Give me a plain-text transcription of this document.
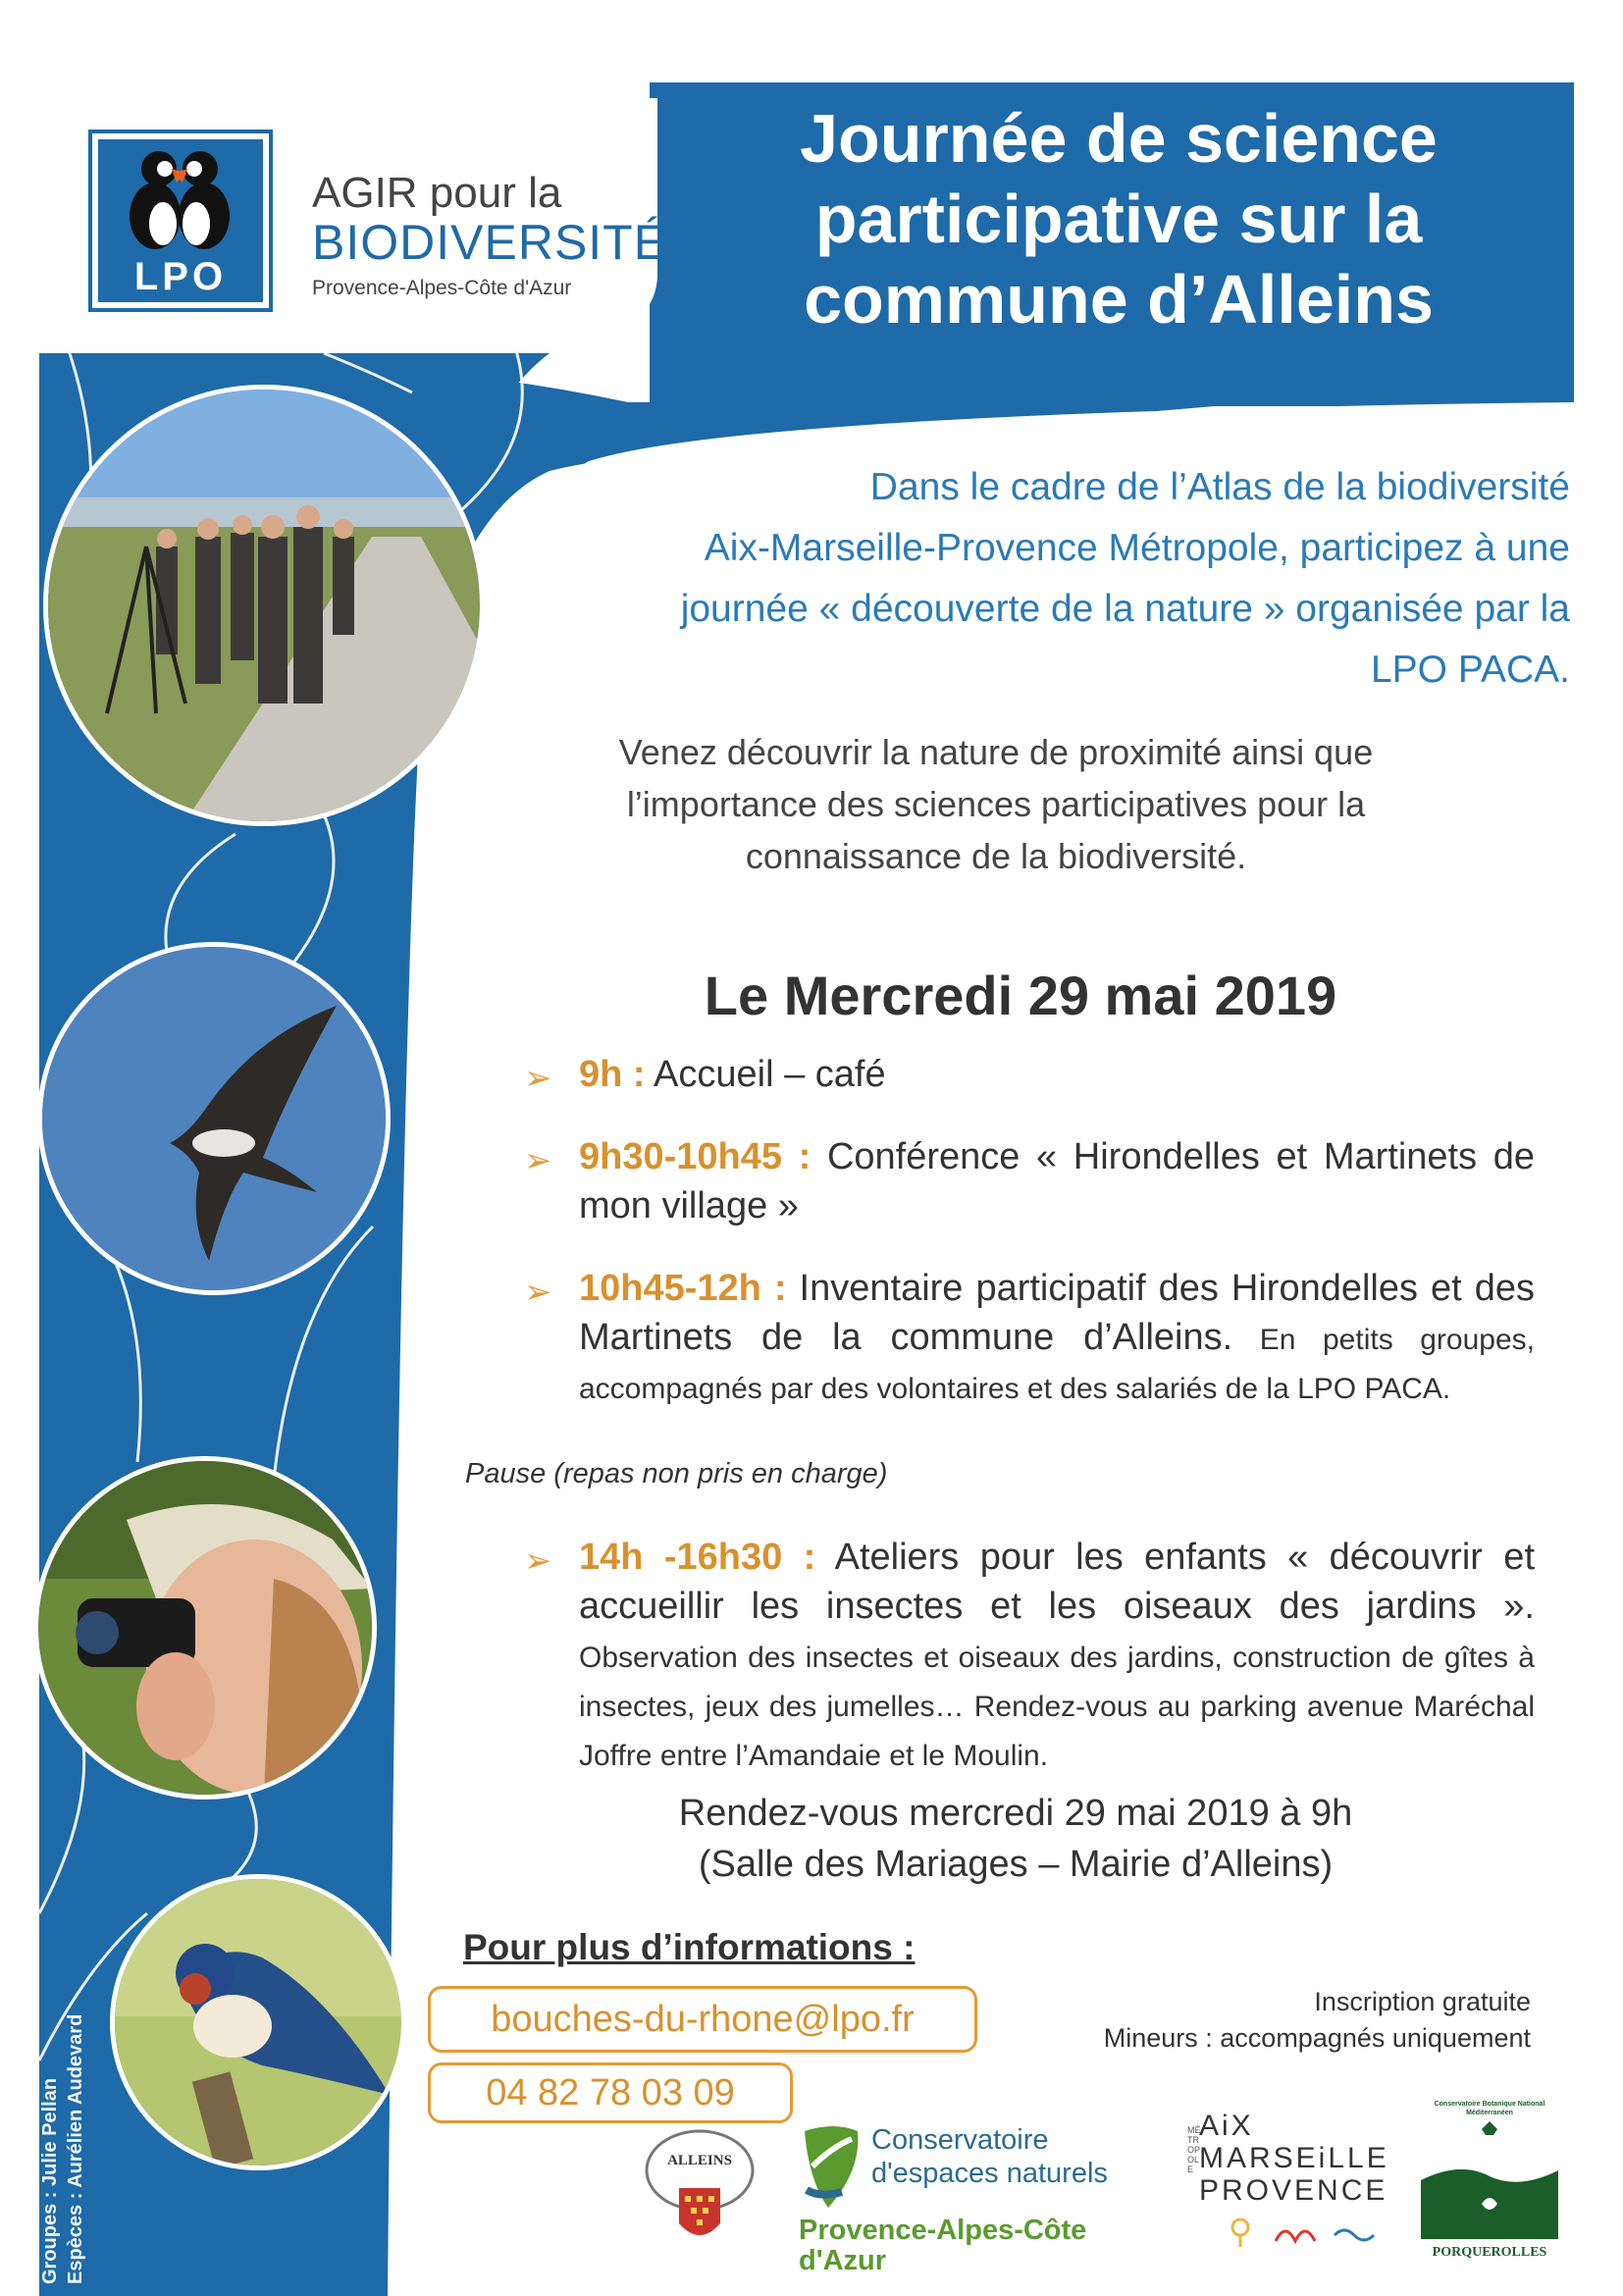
LPO
AGIR pour la
BIODIVERSITÉ
Provence-Alpes-Côte d'Azur
Journée de science
participative sur la
commune d’Alleins
Dans le cadre de l’Atlas de la biodiversité
Aix-Marseille-Provence Métropole, participez à une
journée « découverte de la nature » organisée par la
LPO PACA.
Venez découvrir la nature de proximité ainsi que
l’importance des sciences participatives pour la
connaissance de la biodiversité.
Le Mercredi 29 mai 2019
➢ 9h : Accueil – café
➢ 9h30-10h45 : Conférence « Hirondelles et Martinets de mon village »
➢ 10h45-12h : Inventaire participatif des Hirondelles et des Martinets de la commune d’Alleins. En petits groupes, accompagnés par des volontaires et des salariés de la LPO PACA.
Pause (repas non pris en charge)
➢ 14h -16h30 : Ateliers pour les enfants « découvrir et accueillir les insectes et les oiseaux des jardins ». Observation des insectes et oiseaux des jardins, construction de gîtes à insectes, jeux des jumelles… Rendez-vous au parking avenue Maréchal Joffre entre l’Amandaie et le Moulin.
Rendez-vous mercredi 29 mai 2019 à 9h
(Salle des Mariages – Mairie d’Alleins)
Pour plus d’informations :
bouches-du-rhone@lpo.fr
04 82 78 03 09
Inscription gratuite
Mineurs : accompagnés uniquement
Groupes : Julie Pellan Espèces : Aurélien Audevard	ALLEINS
Conservatoire
d'espaces naturels
Provence-Alpes-Côte d'Azur
MÉTROPOLE
AiX
MARSEiLLE
PROVENCE
Conservatoire Botanique National Méditerranéen
PORQUEROLLES
